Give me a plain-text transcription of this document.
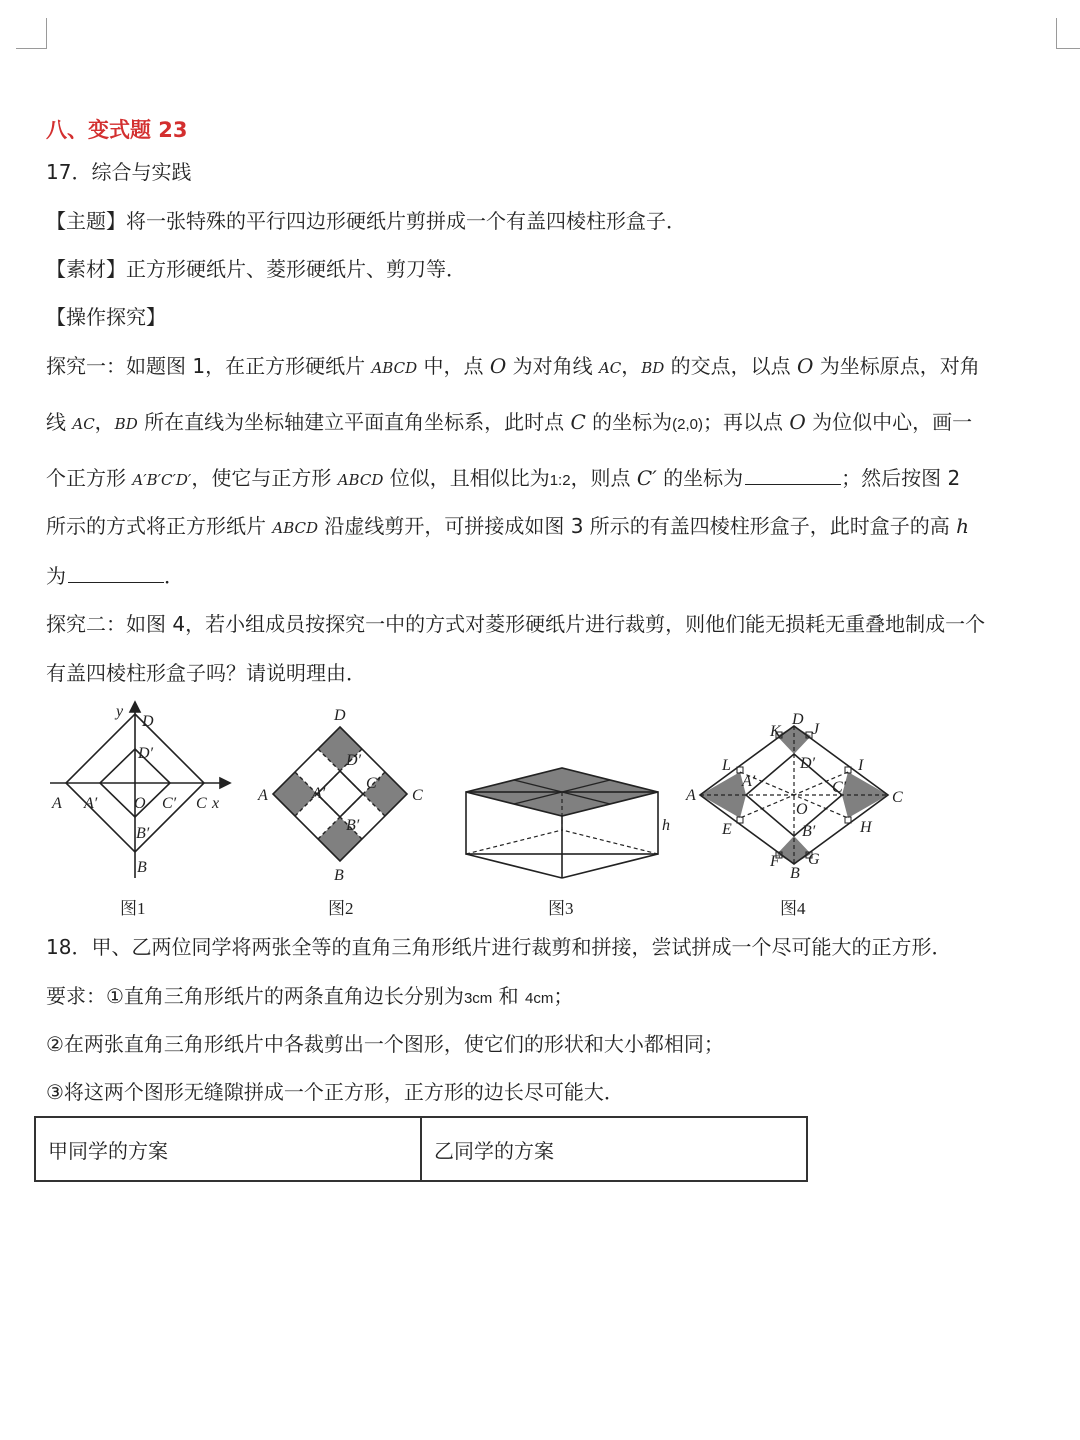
八、变式题 23
17．综合与实践
【主题】将一张特殊的平行四边形硬纸片剪拼成一个有盖四棱柱形盒子．
【素材】正方形硬纸片、菱形硬纸片、剪刀等．
【操作探究】
探究一：如题图 1，在正方形硬纸片 ABCD 中，点 O 为对角线 AC，BD 的交点，以点 O 为坐标原点，对角
线 AC，BD 所在直线为坐标轴建立平面直角坐标系，此时点 C 的坐标为(2,0)；再以点 O 为位似中心，画一
个正方形 A′B′C′D′，使它与正方形 ABCD 位似，且相似比为1:2，则点 C′ 的坐标为	；然后按图 2
所示的方式将正方形纸片 ABCD 沿虚线剪开，可拼接成如图 3 所示的有盖四棱柱形盒子，此时盒子的高 h
为	．
探究二：如图 4，若小组成员按探究一中的方式对菱形硬纸片进行裁剪，则他们能无损耗无重叠地制成一个
有盖四棱柱形盒子吗？请说明理由．
y
D
D′
A A′ O C′ C x
B′
B
图1
D
D′
A	A′
C′
C
B′
B
图2
h
图3
K
D
J
L	D′	I
A′
A
O
C′
C
E	B′	H
F
B
G
图4
18．甲、乙两位同学将两张全等的直角三角形纸片进行裁剪和拼接，尝试拼成一个尽可能大的正方形．
要求：①直角三角形纸片的两条直角边长分别为3cm 和 4cm；
②在两张直角三角形纸片中各裁剪出一个图形，使它们的形状和大小都相同；
③将这两个图形无缝隙拼成一个正方形，正方形的边长尽可能大．
甲同学的方案	乙同学的方案
